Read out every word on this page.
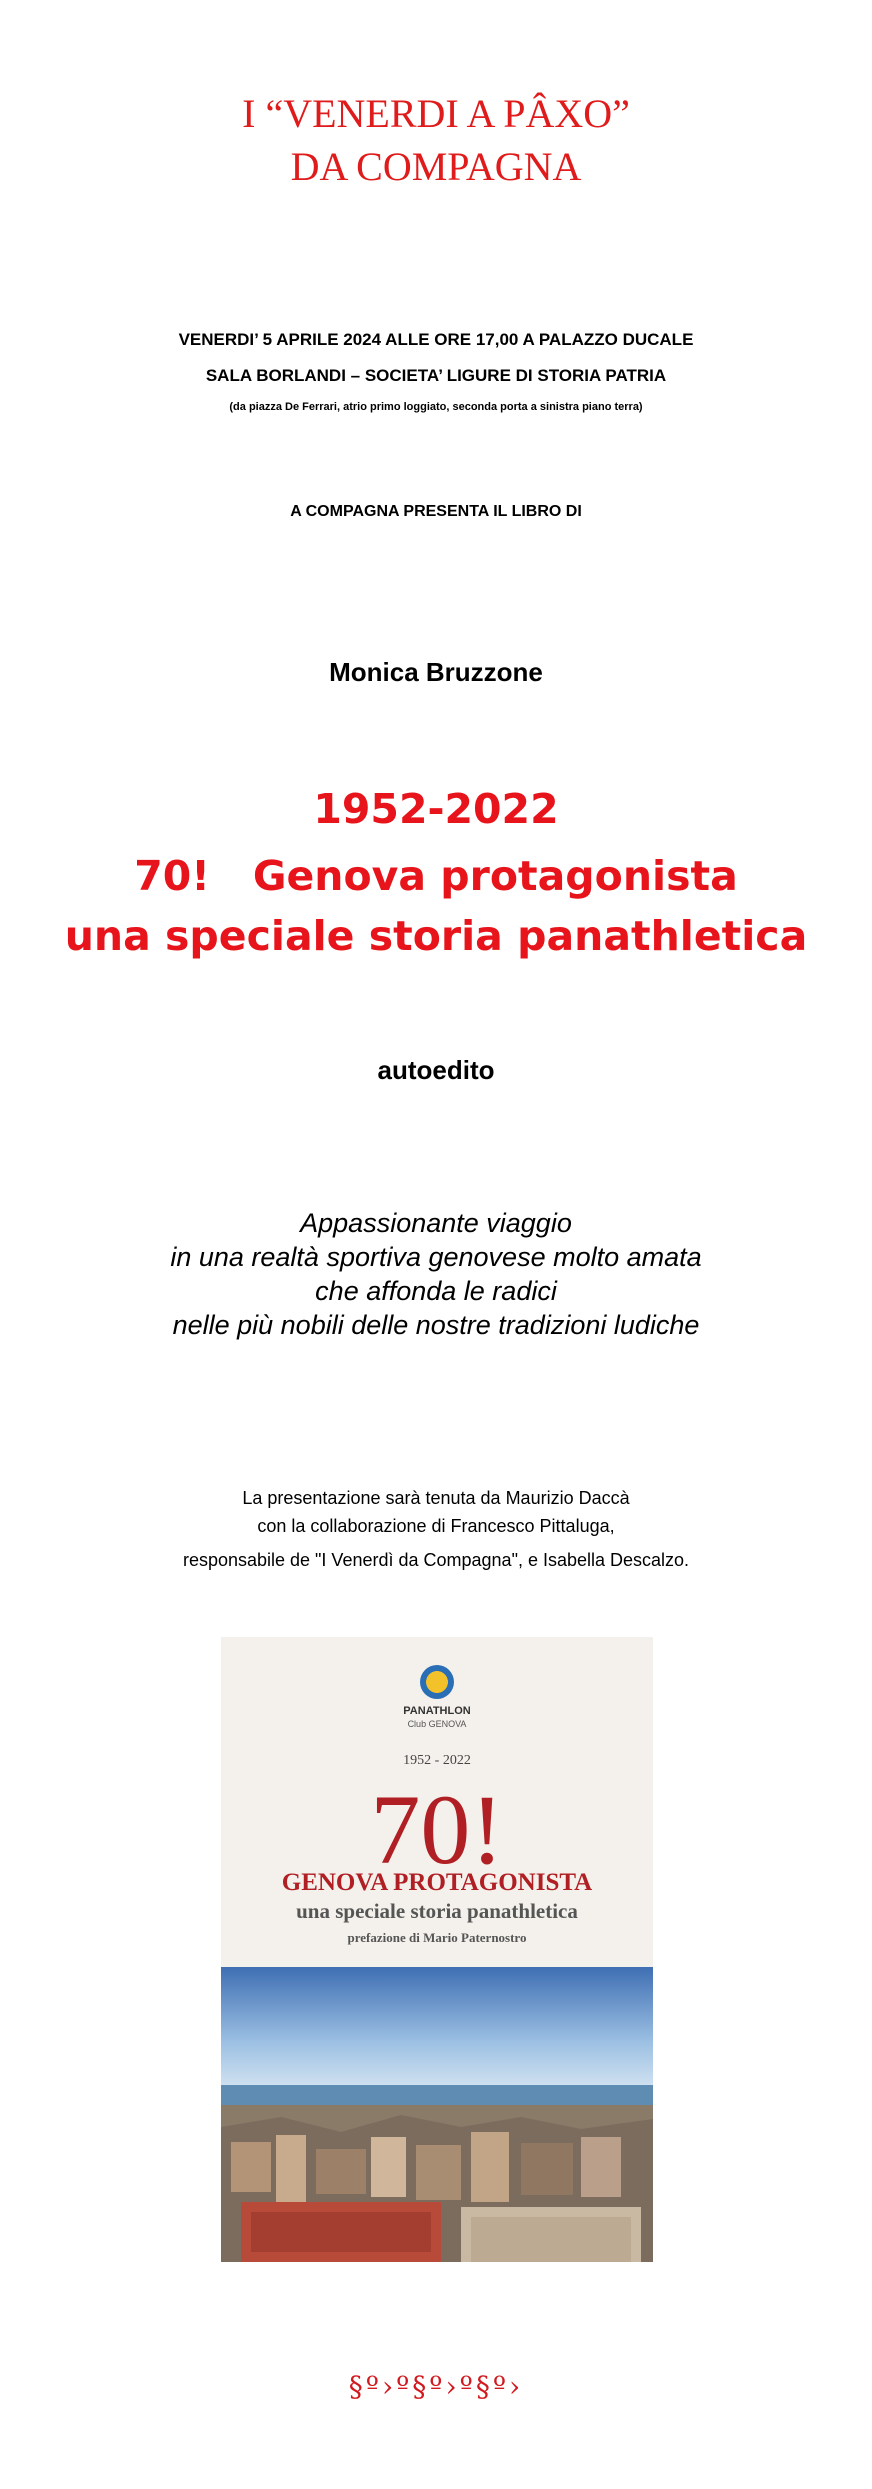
I “VENERDI A PÂXO”
DA COMPAGNA
VENERDI’ 5 APRILE 2024 ALLE ORE 17,00 A PALAZZO DUCALE
SALA BORLANDI – SOCIETA’ LIGURE DI STORIA PATRIA
(da piazza De Ferrari, atrio primo loggiato, seconda porta a sinistra piano terra)
A COMPAGNA PRESENTA IL LIBRO DI
Monica Bruzzone
1952-2022
70!   Genova protagonista
una speciale storia panathletica
autoedito
Appassionante viaggio
in una realtà sportiva genovese molto amata
che affonda le radici
nelle più nobili delle nostre tradizioni ludiche
La presentazione sarà tenuta da Maurizio Daccà
con la collaborazione di Francesco Pittaluga,
responsabile de "I Venerdì da Compagna", e Isabella Descalzo.
PANATHLON
Club GENOVA
1952 - 2022
70!
GENOVA PROTAGONISTA
una speciale storia panathletica
prefazione di Mario Paternostro
§º›º§º›º§º›
